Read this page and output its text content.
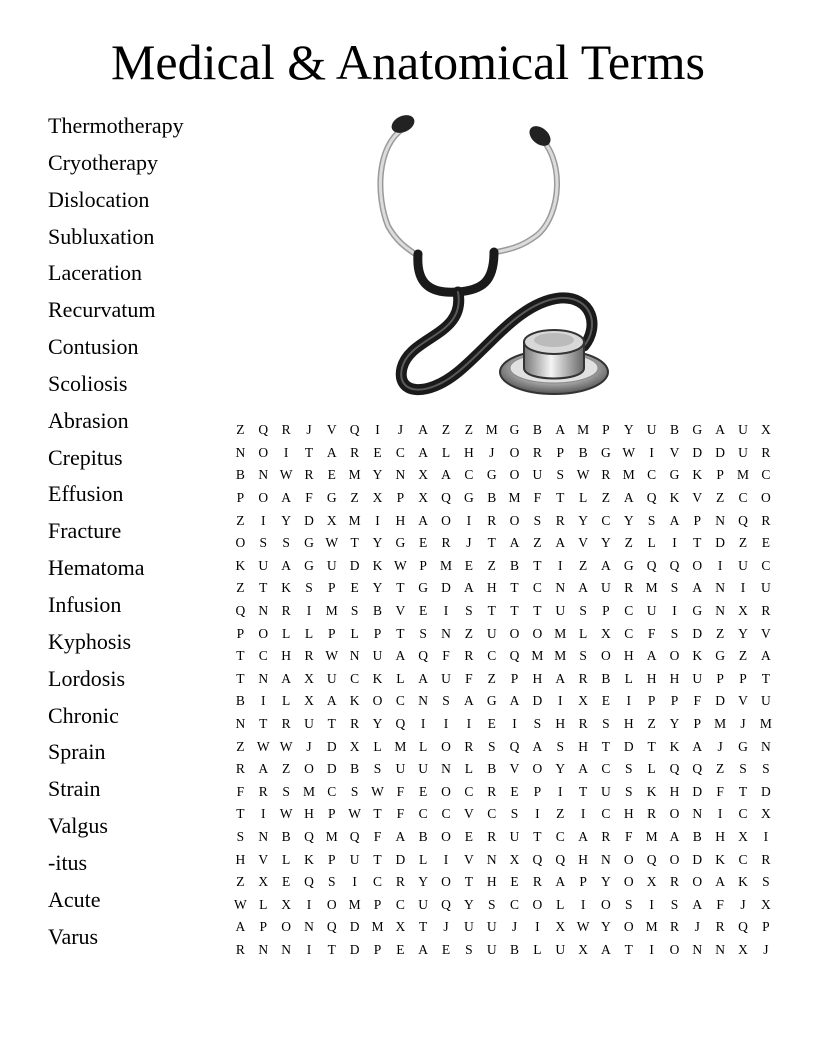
Medical & Anatomical Terms
Thermotherapy
Cryotherapy
Dislocation
Subluxation
Laceration
Recurvatum
Contusion
Scoliosis
Abrasion
Crepitus
Effusion
Fracture
Hematoma
Infusion
Kyphosis
Lordosis
Chronic
Sprain
Strain
Valgus
-itus
Acute
Varus
Z	Q	R	J	V	Q	I	J	A	Z	Z	M	G	B	A	M	P	Y	U	B	G	A	U	X
N	O	I	T	A	R	E	C	A	L	H	J	O	R	P	B	G	W	I	V	D	D	U	R
B	N	W	R	E	M	Y	N	X	A	C	G	O	U	S	W	R	M	C	G	K	P	M	C
P	O	A	F	G	Z	X	P	X	Q	G	B	M	F	T	L	Z	A	Q	K	V	Z	C	O
Z	I	Y	D	X	M	I	H	A	O	I	R	O	S	R	Y	C	Y	S	A	P	N	Q	R
O	S	S	G	W	T	Y	G	E	R	J	T	A	Z	A	V	Y	Z	L	I	T	D	Z	E
K	U	A	G	U	D	K	W	P	M	E	Z	B	T	I	Z	A	G	Q	Q	O	I	U	C
Z	T	K	S	P	E	Y	T	G	D	A	H	T	C	N	A	U	R	M	S	A	N	I	U
Q	N	R	I	M	S	B	V	E	I	S	T	T	T	U	S	P	C	U	I	G	N	X	R
P	O	L	L	P	L	P	T	S	N	Z	U	O	O	M	L	X	C	F	S	D	Z	Y	V
T	C	H	R	W	N	U	A	Q	F	R	C	Q	M	M	S	O	H	A	O	K	G	Z	A
T	N	A	X	U	C	K	L	A	U	F	Z	P	H	A	R	B	L	H	H	U	P	P	T
B	I	L	X	A	K	O	C	N	S	A	G	A	D	I	X	E	I	P	P	F	D	V	U
N	T	R	U	T	R	Y	Q	I	I	I	E	I	S	H	R	S	H	Z	Y	P	M	J	M
Z	W	W	J	D	X	L	M	L	O	R	S	Q	A	S	H	T	D	T	K	A	J	G	N
R	A	Z	O	D	B	S	U	U	N	L	B	V	O	Y	A	C	S	L	Q	Q	Z	S	S
F	R	S	M	C	S	W	F	E	O	C	R	E	P	I	T	U	S	K	H	D	F	T	D
T	I	W	H	P	W	T	F	C	C	V	C	S	I	Z	I	C	H	R	O	N	I	C	X
S	N	B	Q	M	Q	F	A	B	O	E	R	U	T	C	A	R	F	M	A	B	H	X	I
H	V	L	K	P	U	T	D	L	I	V	N	X	Q	Q	H	N	O	Q	O	D	K	C	R
Z	X	E	Q	S	I	C	R	Y	O	T	H	E	R	A	P	Y	O	X	R	O	A	K	S
W	L	X	I	O	M	P	C	U	Q	Y	S	C	O	L	I	O	S	I	S	A	F	J	X
A	P	O	N	Q	D	M	X	T	J	U	U	J	I	X	W	Y	O	M	R	J	R	Q	P
R	N	N	I	T	D	P	E	A	E	S	U	B	L	U	X	A	T	I	O	N	N	X	J
